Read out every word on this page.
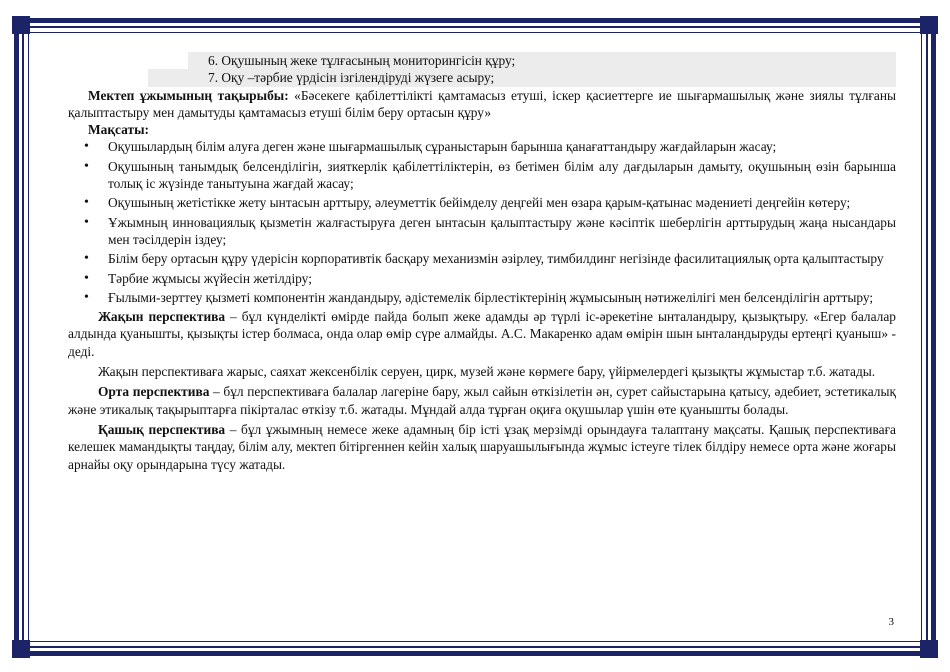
6. Оқушының жеке тұлғасының мониторингісін құру;
7. Оқу –тәрбие үрдісін ізгілендіруді жүзеге асыру;

Мектеп ұжымының тақырыбы: «Бәсекеге қабілеттілікті қамтамасыз етуші, іскер қасиеттерге ие шығармашылық және зиялы тұлғаны қалыптастыру мен дамытуды қамтамасыз етуші білім беру ортасын құру»

Мақсаты:
• Оқушылардың білім алуға деген және шығармашылық сұраныстарын барынша қанағаттандыру жағдайларын жасау;
• Оқушының танымдық белсенділігін, зияткерлік қабілеттіліктерін, өз бетімен білім алу дағдыларын дамыту, оқушының өзін барынша толық іс жүзінде танытуына жағдай жасау;
• Оқушының жетістікке жету ынтасын арттыру, әлеуметтік бейімделу деңгейі мен өзара қарым-қатынас мәдениеті деңгейін көтеру;
• Ұжымның инновациялық қызметін жалғастыруға деген ынтасын қалыптастыру және кәсіптік шеберлігін арттырудың жаңа нысандары мен тәсілдерін іздеу;
• Білім беру ортасын құру үдерісін корпоративтік басқару механизмін әзірлеу, тимбилдинг негізінде фасилитациялық орта қалыптастыру
• Тәрбие жұмысы жүйесін жетілдіру;
• Ғылыми-зерттеу қызметі компонентін жандандыру, әдістемелік бірлестіктерінің жұмысының нәтижелілігі мен белсенділігін арттыру;

Жақын перспектива – бұл күнделікті өмірде пайда болып жеке адамды әр түрлі іс-әрекетіне ынталандыру, қызықтыру. «Егер балалар алдында қуанышты, қызықты істер болмаса, онда олар өмір сүре алмайды. А.С. Макаренко адам өмірін шын ынталандыруды ертеңгі қуаныш» - деді.

Жақын перспективаға жарыс, саяхат жексенбілік серуен, цирк, музей және көрмеге бару, үйірмелердегі қызықты жұмыстар т.б. жатады.

Орта перспектива – бұл перспективаға балалар лагеріне бару, жыл сайын өткізілетін ән, сурет сайыстарына қатысу, әдебиет, эстетикалық және этикалық тақырыптарға пікірталас өткізу т.б. жатады. Мұндай алда тұрған оқиға оқушылар үшін өте қуанышты болады.

Қашық перспектива – бұл ұжымның немесе жеке адамның бір істі ұзақ мерзімді орындауға талаптану мақсаты. Қашық перспективаға келешек мамандықты таңдау, білім алу, мектеп бітіргеннен кейін халық шаруашылығында жұмыс істеуге тілек білдіру немесе орта және жоғары арнайы оқу орындарына түсу жатады.

3
